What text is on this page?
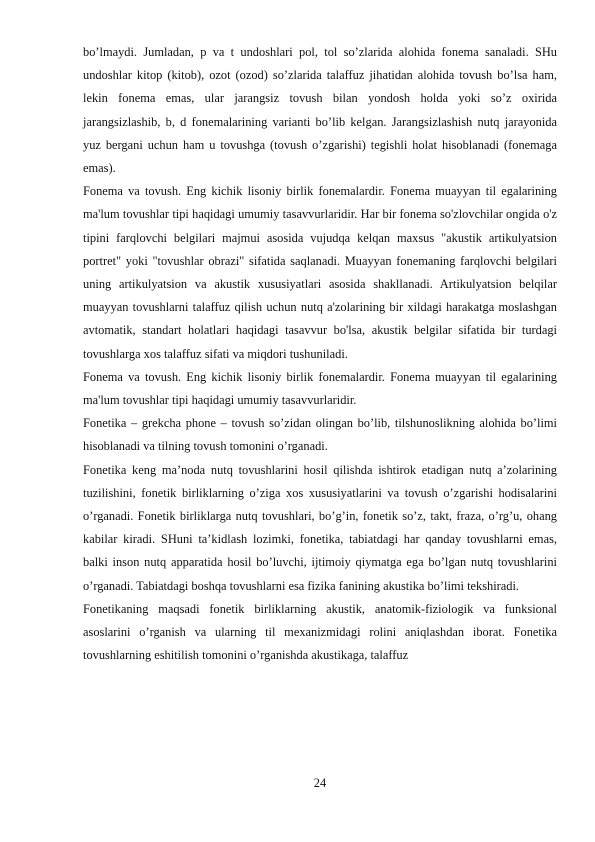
bo’lmaydi. Jumladan, p va t undoshlari pol, tol so’zlarida alohida fonema sanaladi. SHu undoshlar kitop (kitob), ozot (ozod) so’zlarida talaffuz jihatidan alohida tovush bo’lsa ham, lekin fonema emas, ular jarangsiz tovush bilan yondosh holda yoki so’z oxirida jarangsizlashib, b, d fonemalarining varianti bo’lib kelgan. Jarangsizlashish nutq jarayonida yuz bergani uchun ham u tovushga (tovush o’zgarishi) tegishli holat hisoblanadi (fonemaga emas).

Fonema va tovush. Eng kichik lisoniy birlik fonemalardir. Fonema muayyan til egalarining ma'lum tovushlar tipi haqidagi umumiy tasavvurlaridir. Har bir fonema so'zlovchilar ongida o'z tipini farqlovchi belgilari majmui asosida vujudqa kelqan maxsus "akustik artikulyatsion portret" yoki "tovushlar obrazi" sifatida saqlanadi. Muayyan fonemaning farqlovchi belgilari uning artikulyatsion va akustik xususiyatlari asosida shakllanadi. Artikulyatsion belqilar muayyan tovushlarni talaffuz qilish uchun nutq a'zolarining bir xildagi harakatga moslashgan avtomatik, standart holatlari haqidagi tasavvur bo'lsa, akustik belgilar sifatida bir turdagi tovushlarga xos talaffuz sifati va miqdori tushuniladi.

Fonema va tovush. Eng kichik lisoniy birlik fonemalardir. Fonema muayyan til egalarining ma'lum tovushlar tipi haqidagi umumiy tasavvurlaridir.

Fonetika – grekcha phone – tovush so’zidan olingan bo’lib, tilshunoslikning alohida bo’limi hisoblanadi va tilning tovush tomonini o’rganadi.

Fonetika keng ma’noda nutq tovushlarini hosil qilishda ishtirok etadigan nutq a’zolarining tuzilishini, fonetik birliklarning o’ziga xos xususiyatlarini va tovush o’zgarishi hodisalarini o’rganadi. Fonetik birliklarga nutq tovushlari, bo’g’in, fonetik so’z, takt, fraza, o’rg’u, ohang kabilar kiradi. SHuni ta’kidlash lozimki, fonetika, tabiatdagi har qanday tovushlarni emas, balki inson nutq apparatida hosil bo’luvchi, ijtimoiy qiymatga ega bo’lgan nutq tovushlarini o’rganadi. Tabiatdagi boshqa tovushlarni esa fizika fanining akustika bo’limi tekshiradi.

Fonetikaning maqsadi fonetik birliklarning akustik, anatomik-fiziologik va funksional asoslarini o’rganish va ularning til mexanizmidagi rolini aniqlashdan iborat. Fonetika tovushlarning eshitilish tomonini o’rganishda akustikaga, talaffuz

24
